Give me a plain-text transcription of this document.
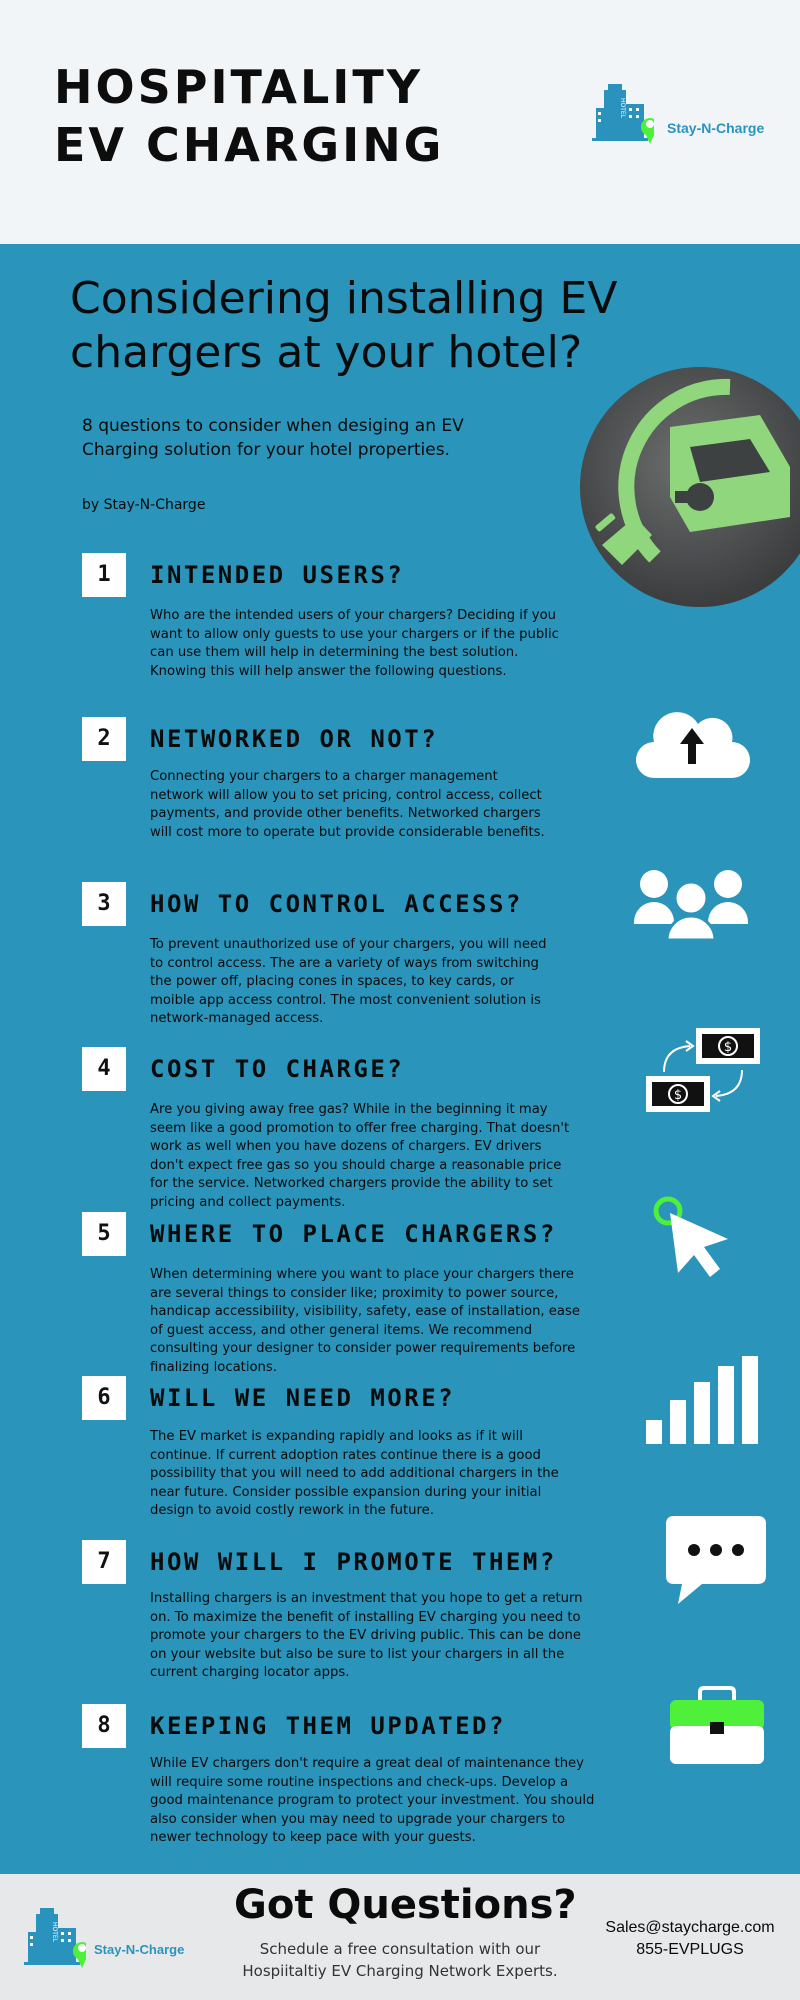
HOSPITALITY
EV CHARGING
HOTEL
Stay-N-Charge
Considering installing EV
chargers at your hotel?
8 questions to consider when desiging an EV
Charging solution for your hotel properties.
by Stay-N-Charge
1	INTENDED USERS?
Who are the intended users of your chargers? Deciding if you
want to allow only guests to use your chargers or if the public
can use them will help in determining the best solution.
Knowing this will help answer the following questions.
2	NETWORKED OR NOT?
Connecting your chargers to a charger management
network will allow you to set pricing, control access, collect
payments, and provide other benefits. Networked chargers
will cost more to operate but provide considerable benefits.
3	HOW TO CONTROL ACCESS?
To prevent unauthorized use of your chargers, you will need
to control access. The are a variety of ways from switching
the power off, placing cones in spaces, to key cards, or
moible app access control. The most convenient solution is
network-managed access.
4	COST TO CHARGE?
Are you giving away free gas? While in the beginning it may
seem like a good promotion to offer free charging. That doesn't
work as well when you have dozens of chargers. EV drivers
don't expect free gas so you should charge a reasonable price
for the service. Networked chargers provide the ability to set
pricing and collect payments.
$
$
5	WHERE TO PLACE CHARGERS?
When determining where you want to place your chargers there
are several things to consider like; proximity to power source,
handicap accessibility, visibility, safety, ease of installation, ease
of guest access, and other general items. We recommend
consulting your designer to consider power requirements before
finalizing locations.
6	WILL WE NEED MORE?
The EV market is expanding rapidly and looks as if it will
continue. If current adoption rates continue there is a good
possibility that you will need to add additional chargers in the
near future. Consider possible expansion during your initial
design to avoid costly rework in the future.
7	HOW WILL I PROMOTE THEM?
Installing chargers is an investment that you hope to get a return
on. To maximize the benefit of installing EV charging you need to
promote your chargers to the EV driving public. This can be done
on your website but also be sure to list your chargers in all the
current charging locator apps.
8	KEEPING THEM UPDATED?
While EV chargers don't require a great deal of maintenance they
will require some routine inspections and check-ups. Develop a
good maintenance program to protect your investment. You should
also consider when you may need to upgrade your chargers to
newer technology to keep pace with your guests.
HOTEL
Stay-N-Charge
Got Questions?
Schedule a free consultation with our
Hospiitaltiy EV Charging Network Experts.
Sales@staycharge.com
855-EVPLUGS
